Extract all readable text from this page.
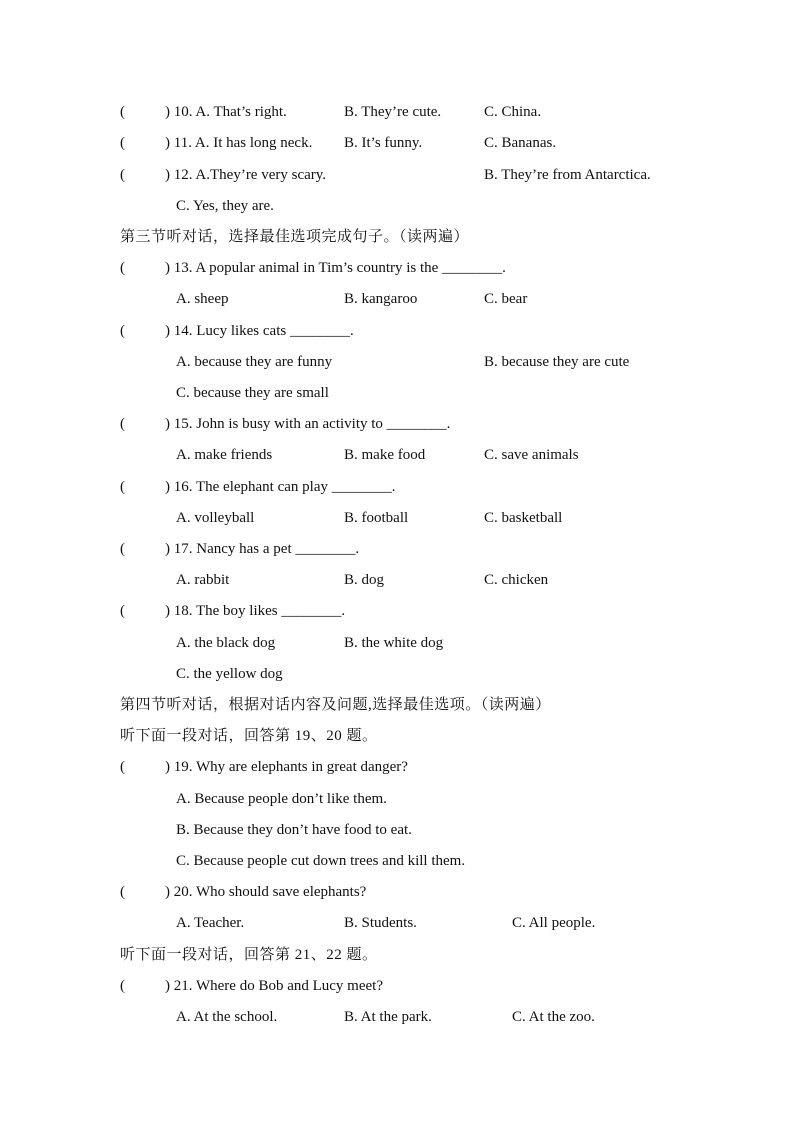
(	) 10. A. That’s right.	B. They’re cute.	C. China.
(	) 11. A. It has long neck. B. It’s funny.	C. Bananas.
(	) 12. A.They’re very scary.	B. They’re from Antarctica.
C. Yes, they are.
第三节听对话，选择最佳选项完成句子。（读两遍）
(	) 13. A popular animal in Tim’s country is the ________.
A. sheep	B. kangaroo	C. bear
(	) 14. Lucy likes cats ________.
A. because they are funny	B. because they are cute
C. because they are small
(	) 15. John is busy with an activity to ________.
A. make friends	B. make food	C. save animals
(	) 16. The elephant can play ________.
A. volleyball	B. football	C. basketball
(	) 17. Nancy has a pet ________.
A. rabbit	B. dog	C. chicken
(	) 18. The boy likes ________.
A. the black dog	B. the white dog
C. the yellow dog
第四节听对话，根据对话内容及问题,选择最佳选项。（读两遍）
听下面一段对话，回答第 19、20 题。
(	) 19. Why are elephants in great danger?
A. Because people don’t like them.
B. Because they don’t have food to eat.
C. Because people cut down trees and kill them.
(	) 20. Who should save elephants?
A. Teacher.	B. Students.	C. All people.
听下面一段对话，回答第 21、22 题。
(	) 21. Where do Bob and Lucy meet?
A. At the school.	B. At the park.	C. At the zoo.
